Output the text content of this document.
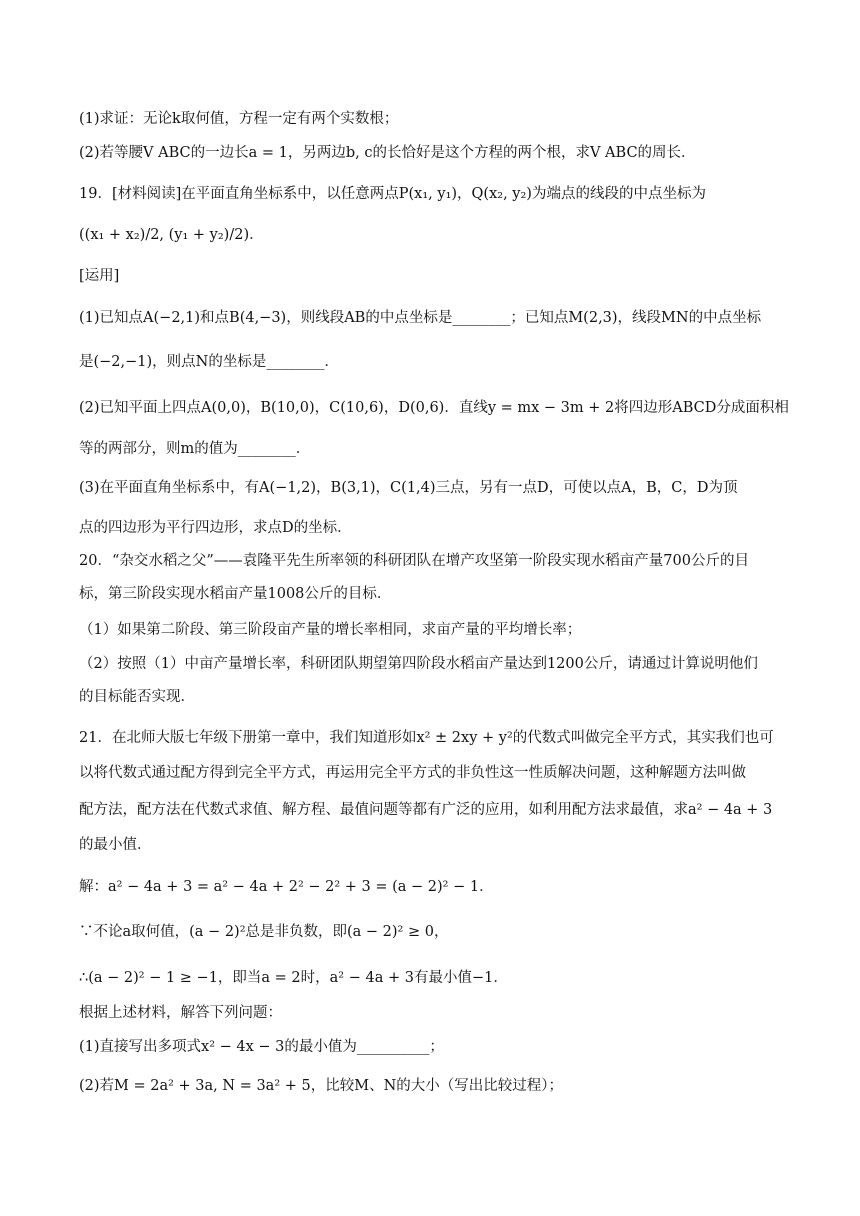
(1)求证：无论k取何值，方程一定有两个实数根；
(2)若等腰V ABC的一边长a = 1，另两边b, c的长恰好是这个方程的两个根，求V ABC的周长．
19．[材料阅读]在平面直角坐标系中，以任意两点P(x₁, y₁)，Q(x₂, y₂)为端点的线段的中点坐标为
((x₁ + x₂)/2, (y₁ + y₂)/2)．
[运用]
(1)已知点A(−2,1)和点B(4,−3)，则线段AB的中点坐标是________；已知点M(2,3)，线段MN的中点坐标
是(−2,−1)，则点N的坐标是________．
(2)已知平面上四点A(0,0)，B(10,0)，C(10,6)，D(0,6)．直线y = mx − 3m + 2将四边形ABCD分成面积相
等的两部分，则m的值为________．
(3)在平面直角坐标系中，有A(−1,2)，B(3,1)，C(1,4)三点，另有一点D，可使以点A，B，C，D为顶
点的四边形为平行四边形，求点D的坐标．
20．“杂交水稻之父”——袁隆平先生所率领的科研团队在增产攻坚第一阶段实现水稻亩产量700公斤的目
标，第三阶段实现水稻亩产量1008公斤的目标．
（1）如果第二阶段、第三阶段亩产量的增长率相同，求亩产量的平均增长率；
（2）按照（1）中亩产量增长率，科研团队期望第四阶段水稻亩产量达到1200公斤，请通过计算说明他们
的目标能否实现．
21．在北师大版七年级下册第一章中，我们知道形如x² ± 2xy + y²的代数式叫做完全平方式，其实我们也可
以将代数式通过配方得到完全平方式，再运用完全平方式的非负性这一性质解决问题，这种解题方法叫做
配方法，配方法在代数式求值、解方程、最值问题等都有广泛的应用，如利用配方法求最值，求a² − 4a + 3
的最小值．
解：a² − 4a + 3 = a² − 4a + 2² − 2² + 3 = (a − 2)² − 1．
∵不论a取何值，(a − 2)²总是非负数，即(a − 2)² ≥ 0，
∴(a − 2)² − 1 ≥ −1，即当a = 2时，a² − 4a + 3有最小值−1．
根据上述材料，解答下列问题：
(1)直接写出多项式x² − 4x − 3的最小值为__________；
(2)若M = 2a² + 3a, N = 3a² + 5，比较M、N的大小（写出比较过程）；
